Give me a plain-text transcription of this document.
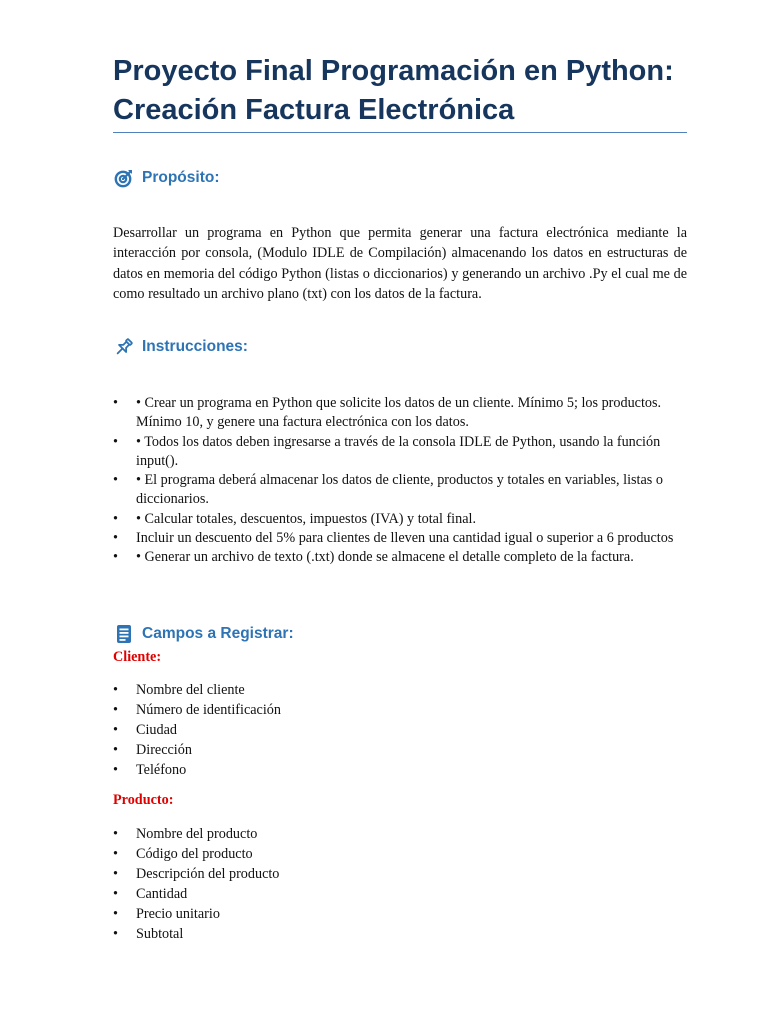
Proyecto Final Programación en Python:
Creación Factura Electrónica
Propósito:

Desarrollar un programa en Python que permita generar una factura electrónica mediante la interacción por consola, (Modulo IDLE de Compilación) almacenando los datos en estructuras de datos en memoria del código Python (listas o diccionarios) y generando un archivo .Py el cual me de como resultado un archivo plano (txt) con los datos de la factura.

Instrucciones:
• • Crear un programa en Python que solicite los datos de un cliente. Mínimo 5; los productos. Mínimo 10, y genere una factura electrónica con los datos.
• • Todos los datos deben ingresarse a través de la consola IDLE de Python, usando la función input().
• • El programa deberá almacenar los datos de cliente, productos y totales en variables, listas o diccionarios.
• • Calcular totales, descuentos, impuestos (IVA) y total final.
• Incluir un descuento del 5% para clientes de lleven una cantidad igual o superior a 6 productos
• • Generar un archivo de texto (.txt) donde se almacene el detalle completo de la factura.
Campos a Registrar:
Cliente:
• Nombre del cliente
• Número de identificación
• Ciudad
• Dirección
• Teléfono
Producto:
• Nombre del producto
• Código del producto
• Descripción del producto
• Cantidad
• Precio unitario
• Subtotal
